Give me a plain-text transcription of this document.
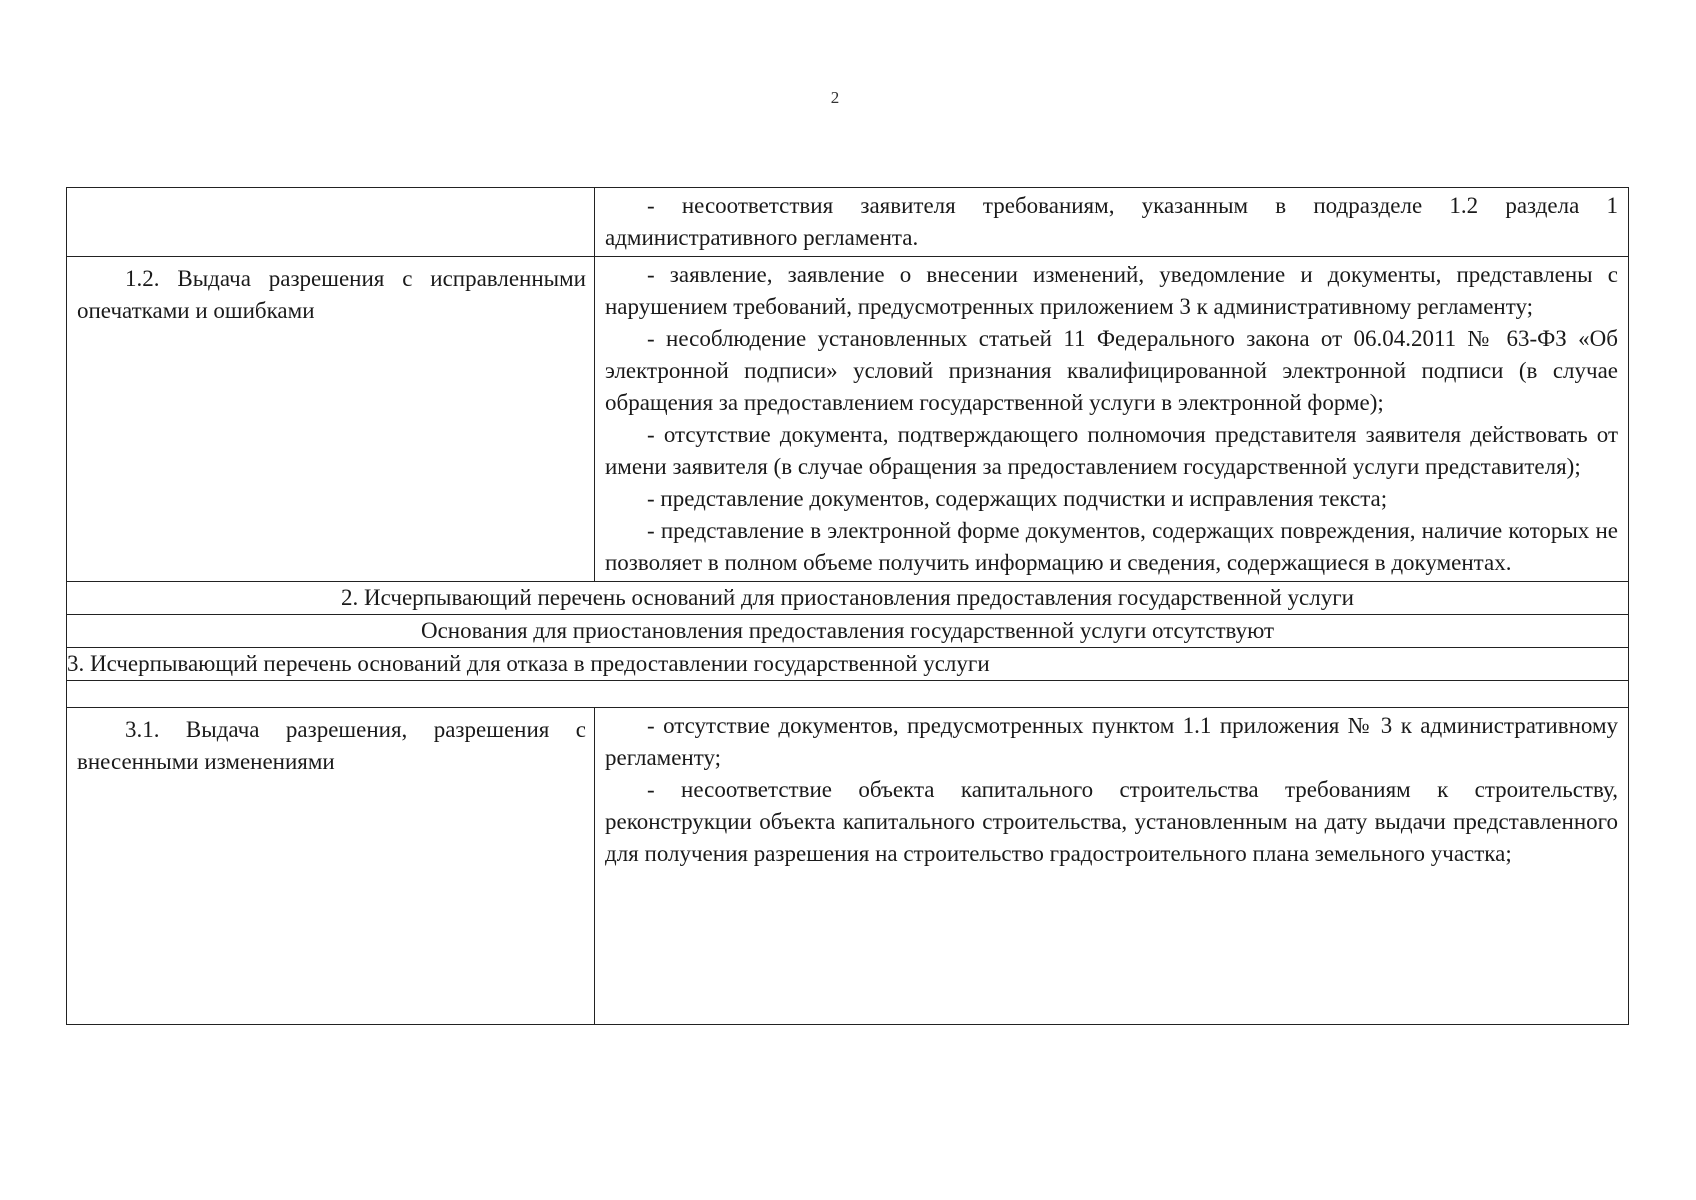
2

	- несоответствия заявителя требованиям, указанным в подразделе 1.2 раздела 1 административного регламента.

1.2. Выдача разрешения с исправленными опечатками и ошибками	- заявление, заявление о внесении изменений, уведомление и документы, представлены с нарушением требований, предусмотренных приложением 3 к административному регламенту;

- несоблюдение установленных статьей 11 Федерального закона от 06.04.2011 № 63-ФЗ «Об электронной подписи» условий признания квалифицированной электронной подписи (в случае обращения за предоставлением государственной услуги в электронной форме);

- отсутствие документа, подтверждающего полномочия представителя заявителя действовать от имени заявителя (в случае обращения за предоставлением государственной услуги представителя);

- представление документов, содержащих подчистки и исправления текста;

- представление в электронной форме документов, содержащих повреждения, наличие которых не позволяет в полном объеме получить информацию и сведения, содержащиеся в документах.

2. Исчерпывающий перечень оснований для приостановления предоставления государственной услуги	
Основания для приостановления предоставления государственной услуги отсутствуют	
3. Исчерпывающий перечень оснований для отказа в предоставлении государственной услуги	

3.1. Выдача разрешения, разрешения с внесенными изменениями	- отсутствие документов, предусмотренных пунктом 1.1 приложения № 3 к административному регламенту;

- несоответствие объекта капитального строительства требованиям к строительству, реконструкции объекта капитального строительства, установленным на дату выдачи представленного для получения разрешения на строительство градостроительного плана земельного участка;
